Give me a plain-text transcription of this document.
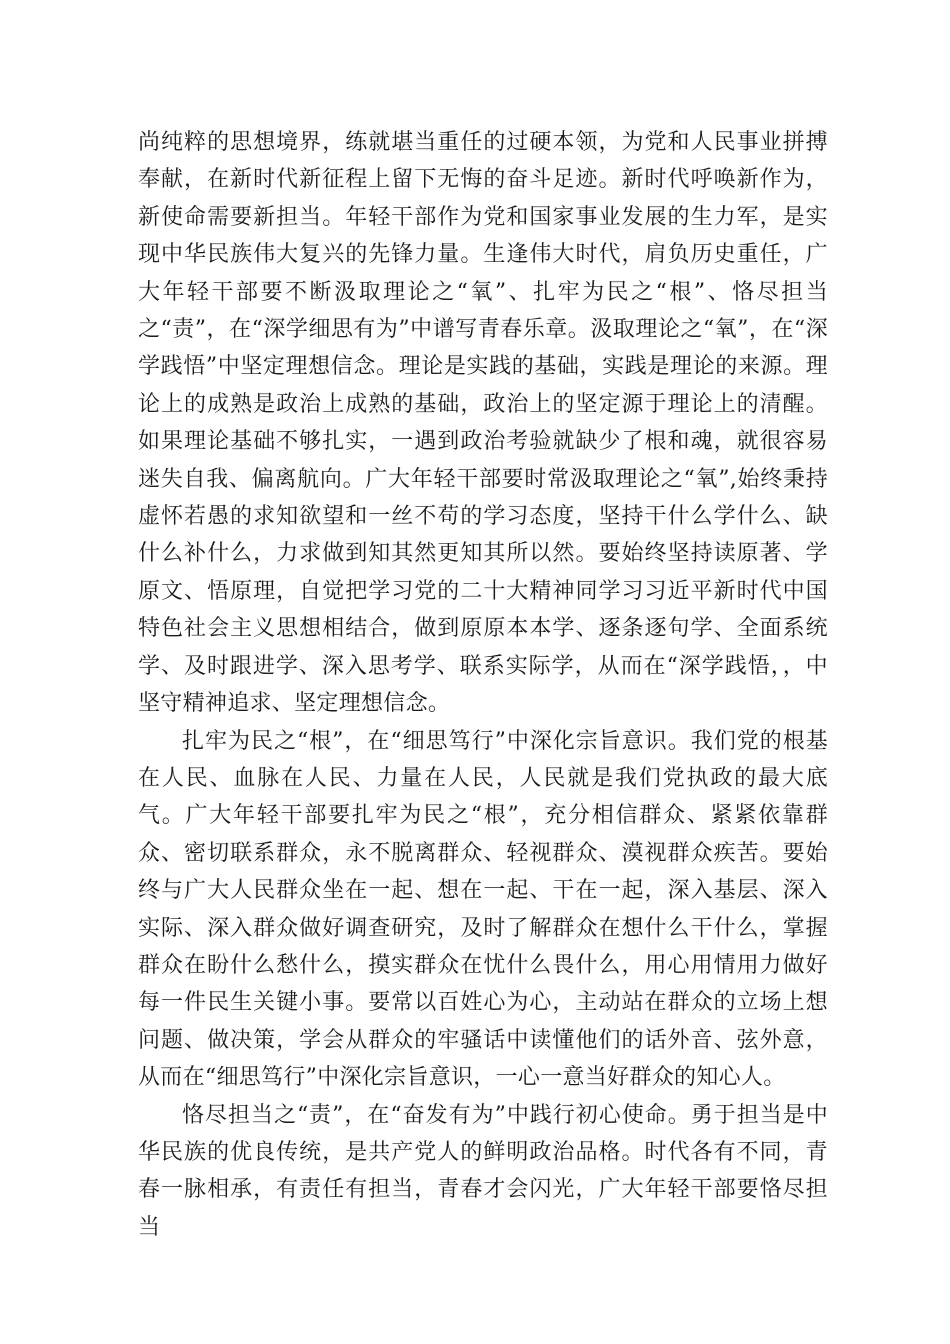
尚纯粹的思想境界，练就堪当重任的过硬本领，为党和人民事业拼搏奉献，在新时代新征程上留下无悔的奋斗足迹。新时代呼唤新作为，新使命需要新担当。年轻干部作为党和国家事业发展的生力军，是实现中华民族伟大复兴的先锋力量。生逢伟大时代，肩负历史重任，广大年轻干部要不断汲取理论之“氧”、扎牢为民之“根”、恪尽担当之“责”，在“深学细思有为”中谱写青春乐章。汲取理论之“氧”，在“深学践悟”中坚定理想信念。理论是实践的基础，实践是理论的来源。理论上的成熟是政治上成熟的基础，政治上的坚定源于理论上的清醒。如果理论基础不够扎实，一遇到政治考验就缺少了根和魂，就很容易迷失自我、偏离航向。广大年轻干部要时常汲取理论之“氧”,始终秉持虚怀若愚的求知欲望和一丝不苟的学习态度，坚持干什么学什么、缺什么补什么，力求做到知其然更知其所以然。要始终坚持读原著、学原文、悟原理，自觉把学习党的二十大精神同学习习近平新时代中国特色社会主义思想相结合，做到原原本本学、逐条逐句学、全面系统学、及时跟进学、深入思考学、联系实际学，从而在“深学践悟，，中坚守精神追求、坚定理想信念。

扎牢为民之“根”，在“细思笃行”中深化宗旨意识。我们党的根基在人民、血脉在人民、力量在人民，人民就是我们党执政的最大底气。广大年轻干部要扎牢为民之“根”，充分相信群众、紧紧依靠群众、密切联系群众，永不脱离群众、轻视群众、漠视群众疾苦。要始终与广大人民群众坐在一起、想在一起、干在一起，深入基层、深入实际、深入群众做好调查研究，及时了解群众在想什么干什么，掌握群众在盼什么愁什么，摸实群众在忧什么畏什么，用心用情用力做好每一件民生关键小事。要常以百姓心为心，主动站在群众的立场上想问题、做决策，学会从群众的牢骚话中读懂他们的话外音、弦外意，从而在“细思笃行”中深化宗旨意识，一心一意当好群众的知心人。

恪尽担当之“责”，在“奋发有为”中践行初心使命。勇于担当是中华民族的优良传统，是共产党人的鲜明政治品格。时代各有不同，青春一脉相承，有责任有担当，青春才会闪光，广大年轻干部要恪尽担当
